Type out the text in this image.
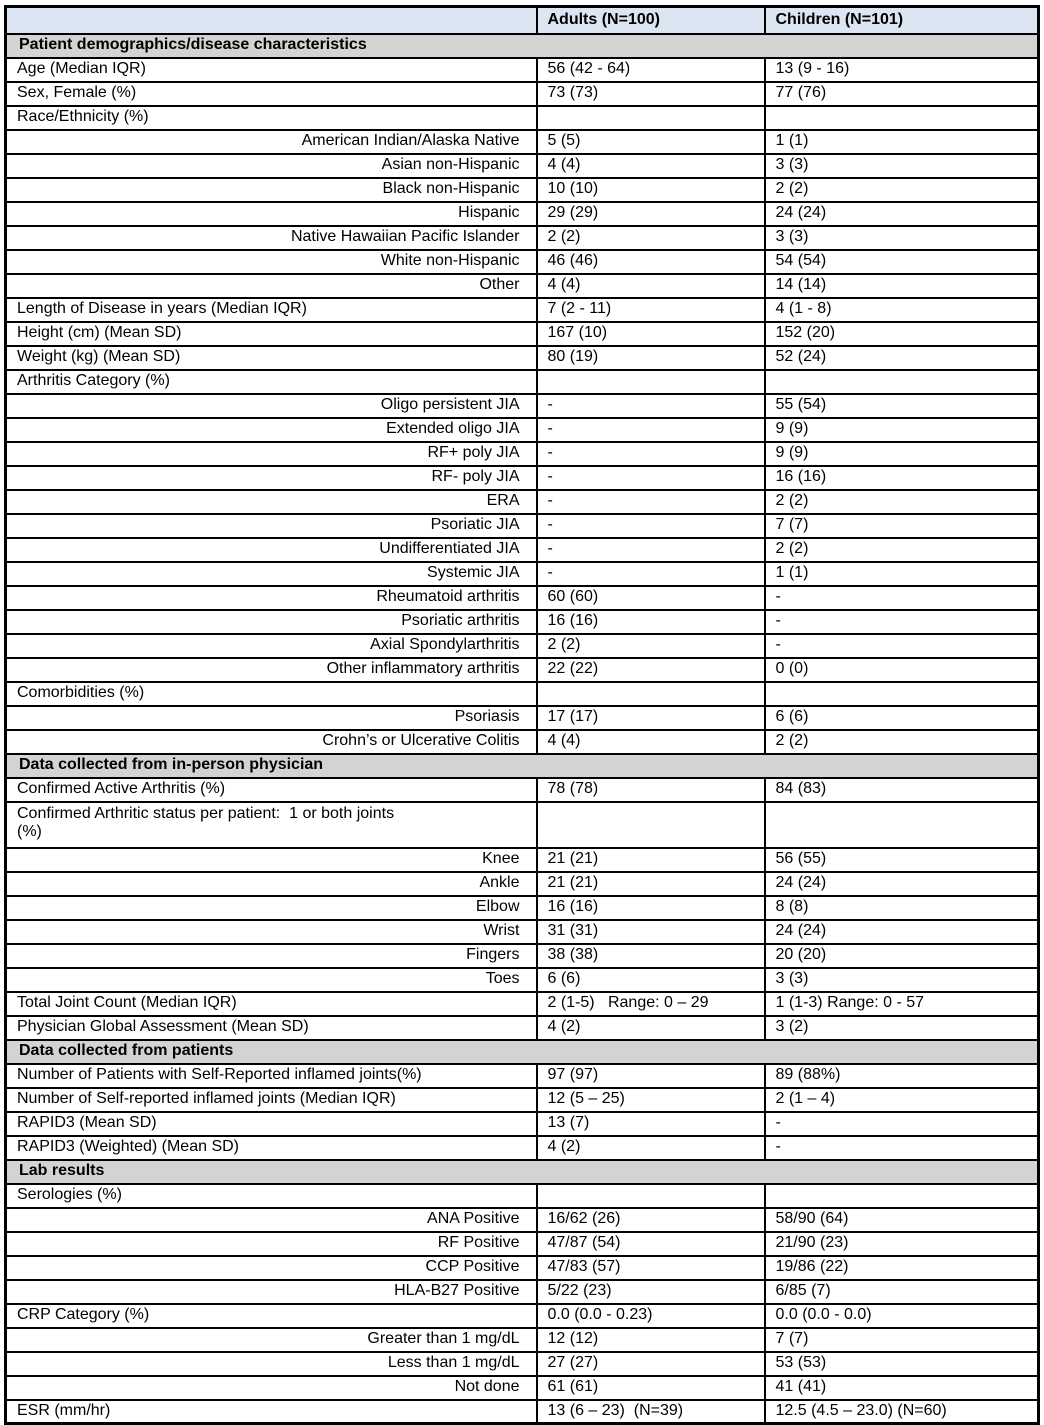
	Adults (N=100)	Children (N=101)
Patient demographics/disease characteristics		
Age (Median IQR)	56 (42 - 64)	13 (9 - 16)
Sex, Female (%)	73 (73)	77 (76)
Race/Ethnicity (%)		
American Indian/Alaska Native	5 (5)	1 (1)
Asian non-Hispanic	4 (4)	3 (3)
Black non-Hispanic	10 (10)	2 (2)
Hispanic	29 (29)	24 (24)
Native Hawaiian Pacific Islander	2 (2)	3 (3)
White non-Hispanic	46 (46)	54 (54)
Other	4 (4)	14 (14)
Length of Disease in years (Median IQR)	7 (2 - 11)	4 (1 - 8)
Height (cm) (Mean SD)	167 (10)	152 (20)
Weight (kg) (Mean SD)	80 (19)	52 (24)
Arthritis Category (%)		
Oligo persistent JIA	-	55 (54)
Extended oligo JIA	-	9 (9)
RF+ poly JIA	-	9 (9)
RF- poly JIA	-	16 (16)
ERA	-	2 (2)
Psoriatic JIA	-	7 (7)
Undifferentiated JIA	-	2 (2)
Systemic JIA	-	1 (1)
Rheumatoid arthritis	60 (60)	-
Psoriatic arthritis	16 (16)	-
Axial Spondylarthritis	2 (2)	-
Other inflammatory arthritis	22 (22)	0 (0)
Comorbidities (%)		
Psoriasis	17 (17)	6 (6)
Crohn’s or Ulcerative Colitis	4 (4)	2 (2)
Data collected from in-person physician		
Confirmed Active Arthritis (%)	78 (78)	84 (83)
Confirmed Arthritic status per patient:  1 or both joints
(%)		
Knee	21 (21)	56 (55)
Ankle	21 (21)	24 (24)
Elbow	16 (16)	8 (8)
Wrist	31 (31)	24 (24)
Fingers	38 (38)	20 (20)
Toes	6 (6)	3 (3)
Total Joint Count (Median IQR)	2 (1-5)   Range: 0 – 29	1 (1-3) Range: 0 - 57
Physician Global Assessment (Mean SD)	4 (2)	3 (2)
Data collected from patients		
Number of Patients with Self-Reported inflamed joints(%)	97 (97)	89 (88%)
Number of Self-reported inflamed joints (Median IQR)	12 (5 – 25)	2 (1 – 4)
RAPID3 (Mean SD)	13 (7)	-
RAPID3 (Weighted) (Mean SD)	4 (2)	-
Lab results		
Serologies (%)		
ANA Positive	16/62 (26)	58/90 (64)
RF Positive	47/87 (54)	21/90 (23)
CCP Positive	47/83 (57)	19/86 (22)
HLA-B27 Positive	5/22 (23)	6/85 (7)
CRP Category (%)	0.0 (0.0 - 0.23)	0.0 (0.0 - 0.0)
Greater than 1 mg/dL	12 (12)	7 (7)
Less than 1 mg/dL	27 (27)	53 (53)
Not done	61 (61)	41 (41)
ESR (mm/hr)	13 (6 – 23)  (N=39)	12.5 (4.5 – 23.0) (N=60)
